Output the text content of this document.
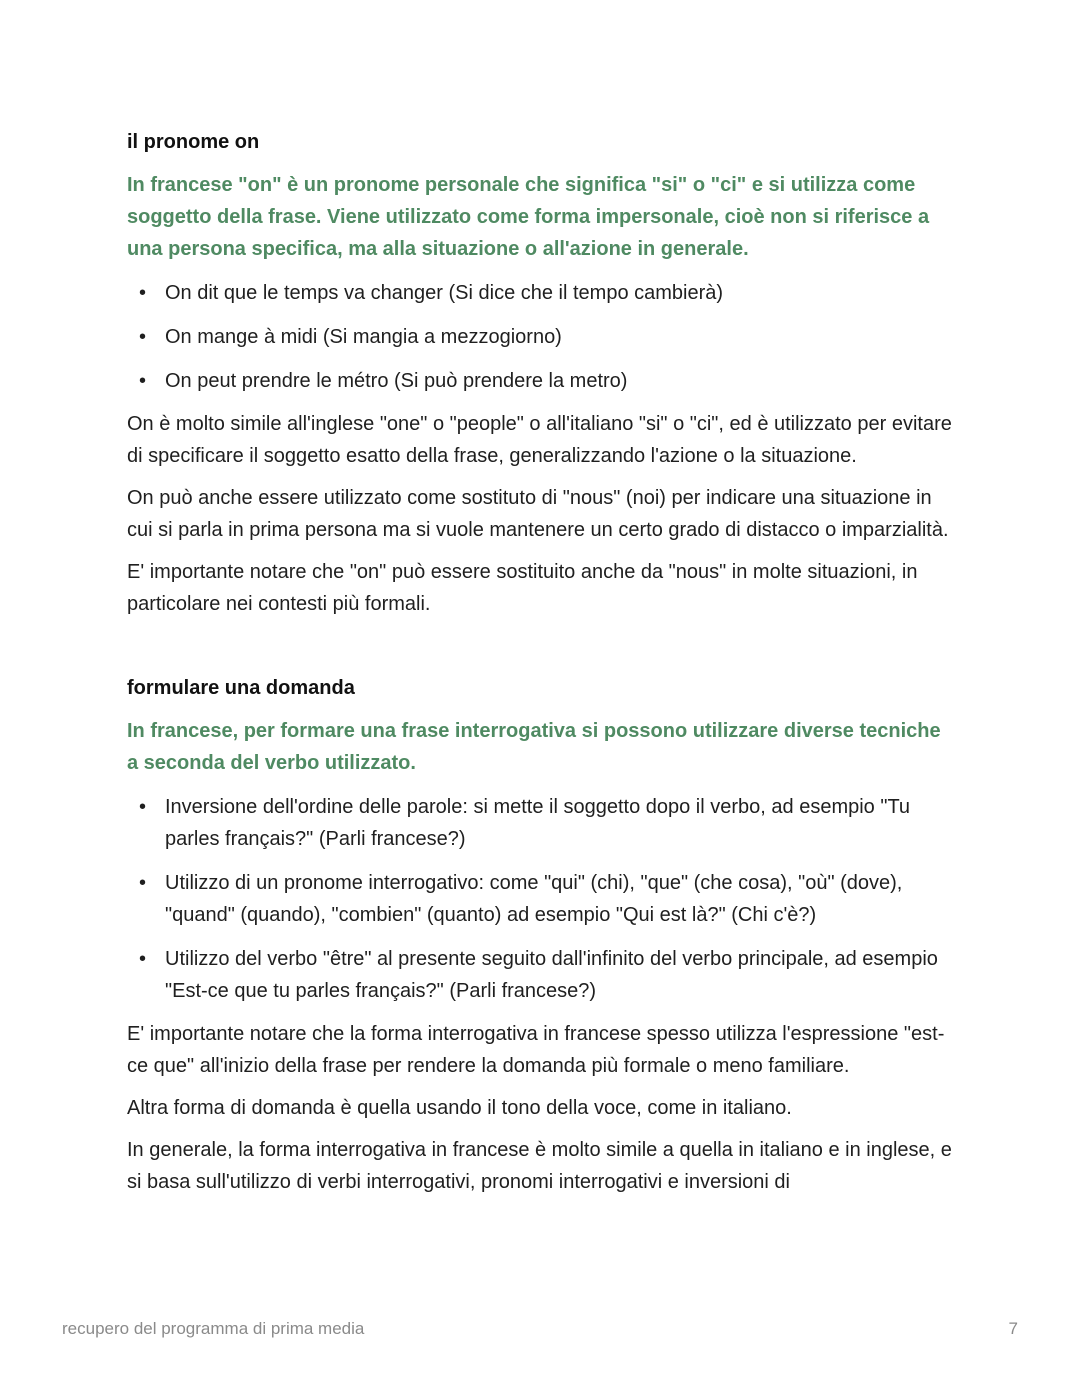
il pronome on

In francese "on" è un pronome personale che significa "si" o "ci" e si utilizza come soggetto della frase. Viene utilizzato come forma impersonale, cioè non si riferisce a una persona specifica, ma alla situazione o all'azione in generale.

• On dit que le temps va changer (Si dice che il tempo cambierà)
• On mange à midi (Si mangia a mezzogiorno)
• On peut prendre le métro (Si può prendere la metro)

On è molto simile all'inglese "one" o "people" o all'italiano "si" o "ci", ed è utilizzato per evitare di specificare il soggetto esatto della frase, generalizzando l'azione o la situazione.

On può anche essere utilizzato come sostituto di "nous" (noi) per indicare una situazione in cui si parla in prima persona ma si vuole mantenere un certo grado di distacco o imparzialità.

E' importante notare che "on" può essere sostituito anche da "nous" in molte situazioni, in particolare nei contesti più formali.

formulare una domanda

In francese, per formare una frase interrogativa si possono utilizzare diverse tecniche a seconda del verbo utilizzato.

• Inversione dell'ordine delle parole: si mette il soggetto dopo il verbo, ad esempio "Tu parles français?" (Parli francese?)
• Utilizzo di un pronome interrogativo: come "qui" (chi), "que" (che cosa), "où" (dove), "quand" (quando), "combien" (quanto) ad esempio "Qui est là?" (Chi c'è?)
• Utilizzo del verbo "être" al presente seguito dall'infinito del verbo principale, ad esempio "Est-ce que tu parles français?" (Parli francese?)

E' importante notare che la forma interrogativa in francese spesso utilizza l'espressione "est-ce que" all'inizio della frase per rendere la domanda più formale o meno familiare.

Altra forma di domanda è quella usando il tono della voce, come in italiano.

In generale, la forma interrogativa in francese è molto simile a quella in italiano e in inglese, e si basa sull'utilizzo di verbi interrogativi, pronomi interrogativi e inversioni di

recupero del programma di prima media	7
